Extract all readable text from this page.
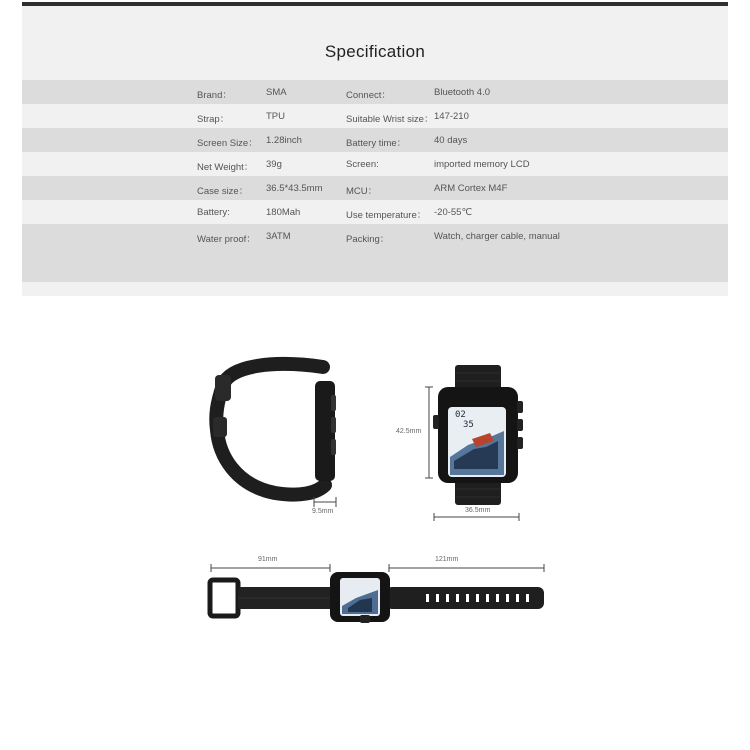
Specification
Brand：	SMA	Connect：	Bluetooth 4.0
Strap：	TPU	Suitable Wrist size： 147-210
Screen Size： 1.28inch	Battery time：	40 days
Net Weight： 39g	Screen:	imported memory LCD
Case size： 36.5*43.5mm MCU：	ARM Cortex M4F
Battery:	180Mah	Use temperature： -20-55℃
Water proof： 3ATM	Packing：	Watch, charger cable, manual
9.5mm
02
35
42.5mm
36.5mm
91mm	121mm
